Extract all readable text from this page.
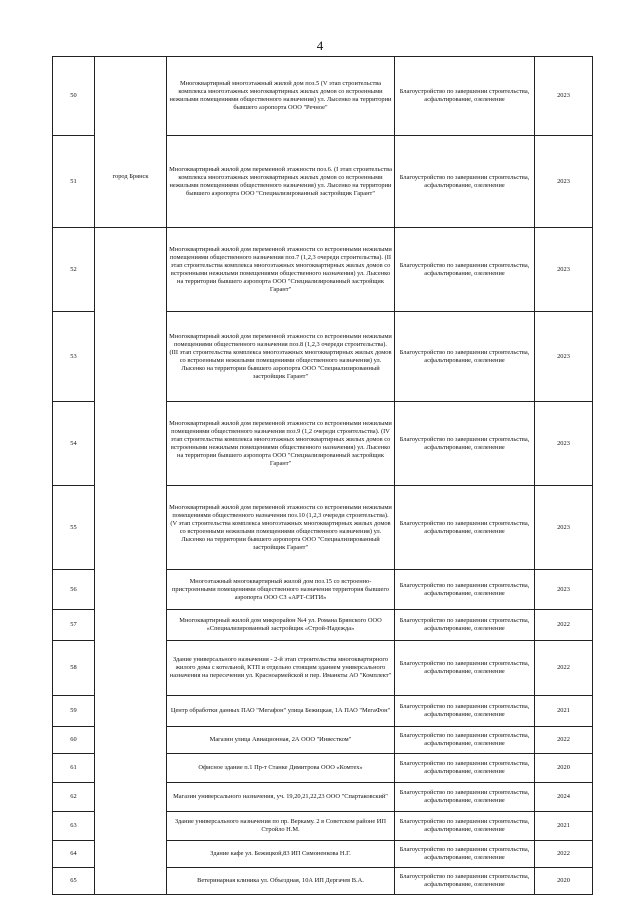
4
50	город Брянск	Многоквартирный многоэтажный жилой дом поз.5 (V этап строительства комплекса многоэтажных многоквартирных жилых домов со встроенными нежилыми помещениями общественного назначения) ул. Лысенко на территории бывшего аэропорта ООО "Речное"	Благоустройство по завершении строительства, асфальтирование, озеленение	2023
51		Многоквартирный жилой дом переменной этажности поз.6. (I этап строительства комплекса многоэтажных многоквартирных жилых домов со встроенными нежилыми помещениями общественного назначения) ул. Лысенко на территории бывшего аэропорта ООО "Специализированный застройщик Гарант"	Благоустройство по завершении строительства, асфальтирование, озеленение	2023
52		Многоквартирный жилой дом переменной этажности со встроенными нежилыми помещениями общественного назначения поз.7 (1,2,3 очереди строительства). (II этап строительства комплекса многоэтажных многоквартирных жилых домов со встроенными нежилыми помещениями общественного назначения) ул. Лысенко на территории бывшего аэропорта ООО "Специализированный застройщик Гарант"	Благоустройство по завершении строительства, асфальтирование, озеленение	2023
53		Многоквартирный жилой дом переменной этажности со встроенными нежилыми помещениями общественного назначения поз.8 (1,2,3 очереди строительства). (III этап строительства комплекса многоэтажных многоквартирных жилых домов со встроенными нежилыми помещениями общественного назначения) ул. Лысенко на территории бывшего аэропорта ООО "Специализированный застройщик Гарант"	Благоустройство по завершении строительства, асфальтирование, озеленение	2023
54		Многоквартирный жилой дом переменной этажности со встроенными нежилыми помещениями общественного назначения поз.9 (1,2 очереди строительства). (IV этап строительства комплекса многоэтажных многоквартирных жилых домов со встроенными нежилыми помещениями общественного назначения) ул. Лысенко на территории бывшего аэропорта ООО "Специализированный застройщик Гарант"	Благоустройство по завершении строительства, асфальтирование, озеленение	2023
55		Многоквартирный жилой дом переменной этажности со встроенными нежилыми помещениями общественного назначения поз.10 (1,2,3 очереди строительства). (V этап строительства комплекса многоэтажных многоквартирных жилых домов со встроенными нежилыми помещениями общественного назначения) ул. Лысенко на территории бывшего аэропорта ООО "Специализированный застройщик Гарант"	Благоустройство по завершении строительства, асфальтирование, озеленение	2023
56		Многоэтажный многоквартирный жилой дом поз.15 со встроенно-пристроенными помещениями общественного назначения территория бывшего аэропорта ООО СЗ «АРТ-СИТИ»	Благоустройство по завершении строительства, асфальтирование, озеленение	2023
57		Многоквартирный жилой дом микрорайон №4 ул. Романа Брянского ООО «Специализированный застройщик «Строй-Надежда»	Благоустройство по завершении строительства, асфальтирование, озеленение	2022
58		Здание универсального назначения - 2-й этап строительства многоквартирного жилого дома с котельной, КТП и отдельно стоящим зданием универсального назначения на пересечении ул. Красноармейской и пер. Иманкты АО "Комплект"	Благоустройство по завершении строительства, асфальтирование, озеленение	2022
59		Центр обработки данных ПАО "Мегафон" улица Бежицкая, 1А ПАО "МегаФон"	Благоустройство по завершении строительства, асфальтирование, озеленение	2021
60		Магазин улица Авиационная, 2А ООО "Инвестком"	Благоустройство по завершении строительства, асфальтирование, озеленение	2022
61		Офисное здание п.1 Пр-т Станке Димитрова ООО «Комтех»	Благоустройство по завершении строительства, асфальтирование, озеленение	2020
62		Магазин универсального назначения, уч. 19,20,21,22,23 ООО "Спартаковский"	Благоустройство по завершении строительства, асфальтирование, озеленение	2024
63		Здание универсального назначения по пр. Веркаму. 2 в Советском районе ИП Стройло Н.М.	Благоустройство по завершении строительства, асфальтирование, озеленение	2021
64		Здание кафе ул. Бежицкой,83 ИП Симоненкова Н.Г.	Благоустройство по завершении строительства, асфальтирование, озеленение	2022
65		Ветеринарная клиника ул. Объездная, 10А ИП Дергачев В.А.	Благоустройство по завершении строительства, асфальтирование, озеленение	2020
